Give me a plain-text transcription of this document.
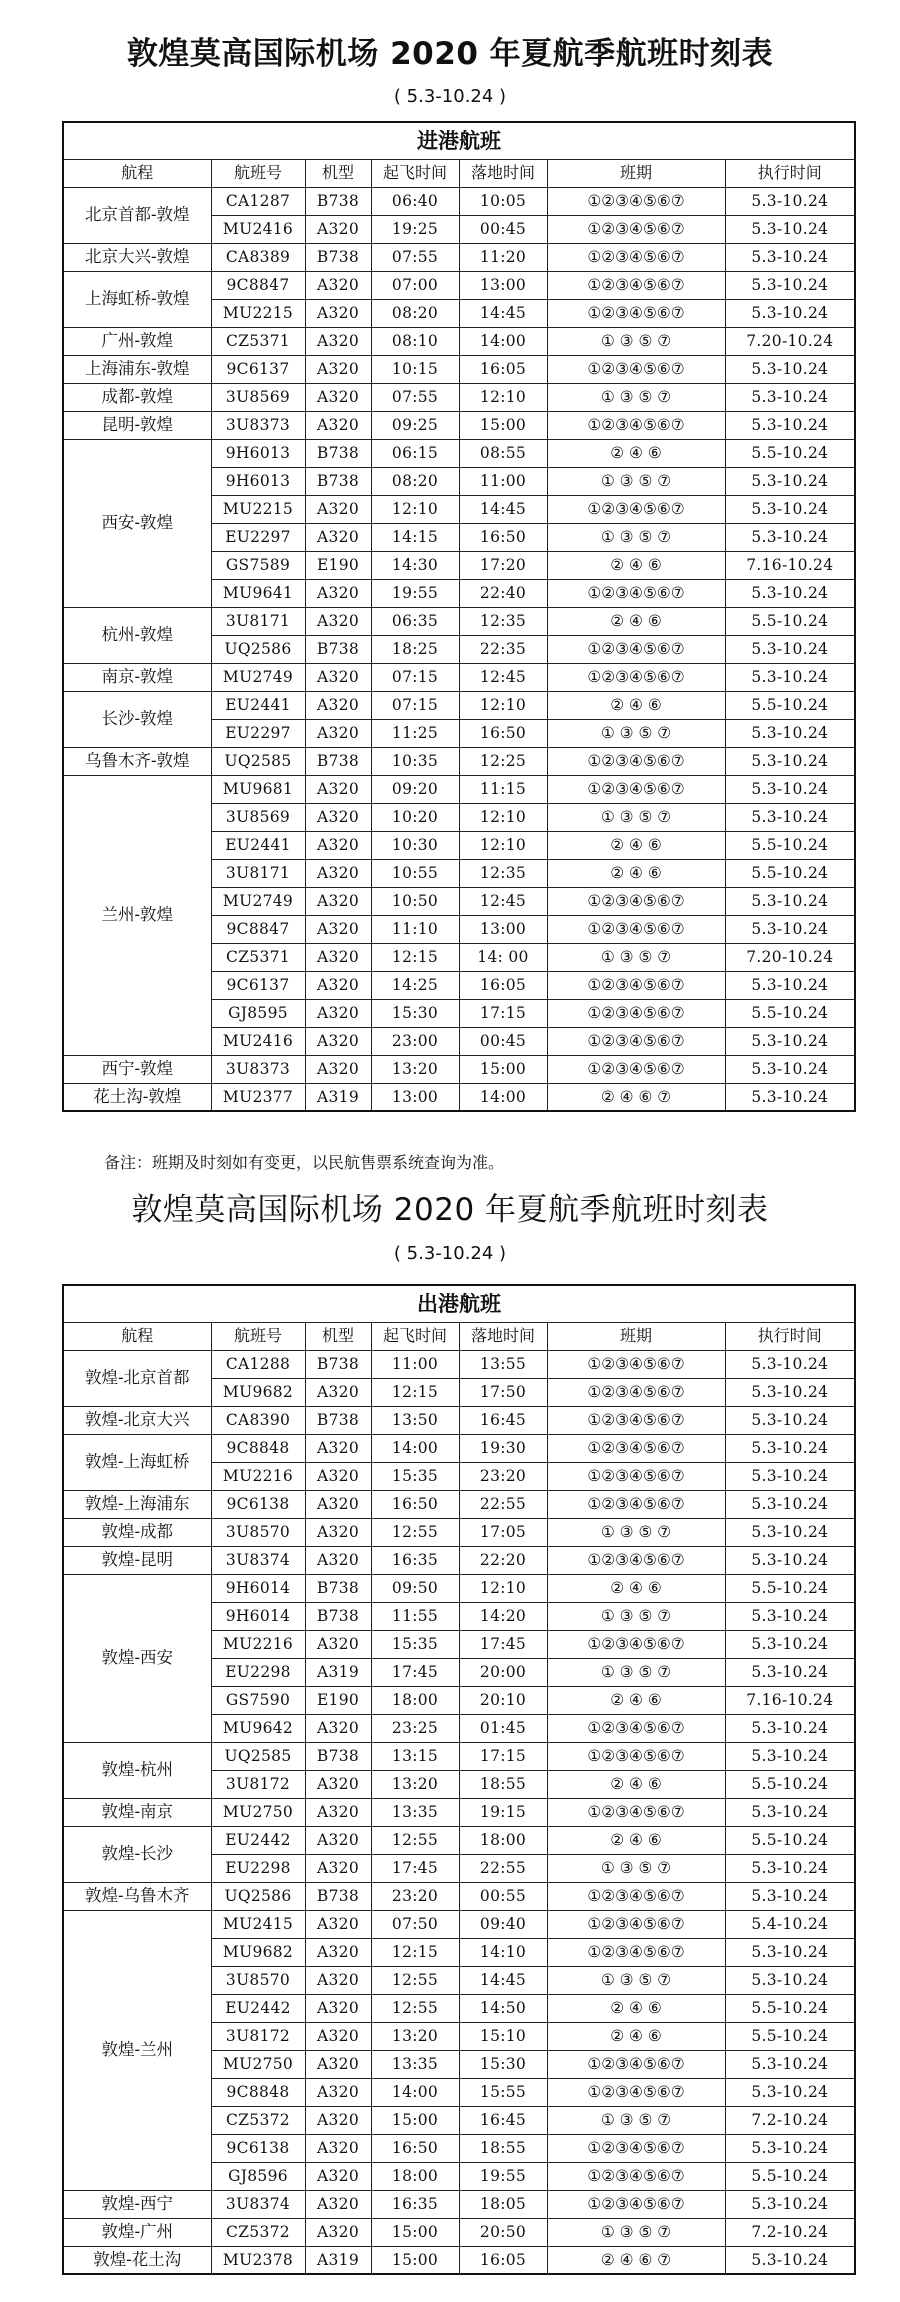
敦煌莫高国际机场 2020 年夏航季航班时刻表
( 5.3-10.24 )
进港航班						
航程	航班号	机型	起飞时间	落地时间	班期	执行时间
北京首都-敦煌	CA1287	B738	06:40	10:05	①②③④⑤⑥⑦	5.3-10.24
	MU2416	A320	19:25	00:45	①②③④⑤⑥⑦	5.3-10.24
北京大兴-敦煌	CA8389	B738	07:55	11:20	①②③④⑤⑥⑦	5.3-10.24
上海虹桥-敦煌	9C8847	A320	07:00	13:00	①②③④⑤⑥⑦	5.3-10.24
	MU2215	A320	08:20	14:45	①②③④⑤⑥⑦	5.3-10.24
广州-敦煌	CZ5371	A320	08:10	14:00	① ③ ⑤ ⑦	7.20-10.24
上海浦东-敦煌	9C6137	A320	10:15	16:05	①②③④⑤⑥⑦	5.3-10.24
成都-敦煌	3U8569	A320	07:55	12:10	① ③ ⑤ ⑦	5.3-10.24
昆明-敦煌	3U8373	A320	09:25	15:00	①②③④⑤⑥⑦	5.3-10.24
西安-敦煌	9H6013	B738	06:15	08:55	② ④ ⑥	5.5-10.24
	9H6013	B738	08:20	11:00	① ③ ⑤ ⑦	5.3-10.24
	MU2215	A320	12:10	14:45	①②③④⑤⑥⑦	5.3-10.24
	EU2297	A320	14:15	16:50	① ③ ⑤ ⑦	5.3-10.24
	GS7589	E190	14:30	17:20	② ④ ⑥	7.16-10.24
	MU9641	A320	19:55	22:40	①②③④⑤⑥⑦	5.3-10.24
杭州-敦煌	3U8171	A320	06:35	12:35	② ④ ⑥	5.5-10.24
	UQ2586	B738	18:25	22:35	①②③④⑤⑥⑦	5.3-10.24
南京-敦煌	MU2749	A320	07:15	12:45	①②③④⑤⑥⑦	5.3-10.24
长沙-敦煌	EU2441	A320	07:15	12:10	② ④ ⑥	5.5-10.24
	EU2297	A320	11:25	16:50	① ③ ⑤ ⑦	5.3-10.24
乌鲁木齐-敦煌	UQ2585	B738	10:35	12:25	①②③④⑤⑥⑦	5.3-10.24
兰州-敦煌	MU9681	A320	09:20	11:15	①②③④⑤⑥⑦	5.3-10.24
	3U8569	A320	10:20	12:10	① ③ ⑤ ⑦	5.3-10.24
	EU2441	A320	10:30	12:10	② ④ ⑥	5.5-10.24
	3U8171	A320	10:55	12:35	② ④ ⑥	5.5-10.24
	MU2749	A320	10:50	12:45	①②③④⑤⑥⑦	5.3-10.24
	9C8847	A320	11:10	13:00	①②③④⑤⑥⑦	5.3-10.24
	CZ5371	A320	12:15	14: 00	① ③ ⑤ ⑦	7.20-10.24
	9C6137	A320	14:25	16:05	①②③④⑤⑥⑦	5.3-10.24
	GJ8595	A320	15:30	17:15	①②③④⑤⑥⑦	5.5-10.24
	MU2416	A320	23:00	00:45	①②③④⑤⑥⑦	5.3-10.24
西宁-敦煌	3U8373	A320	13:20	15:00	①②③④⑤⑥⑦	5.3-10.24
花土沟-敦煌	MU2377	A319	13:00	14:00	② ④ ⑥ ⑦	5.3-10.24
备注：班期及时刻如有变更，以民航售票系统查询为准。
敦煌莫高国际机场 2020 年夏航季航班时刻表
( 5.3-10.24 )
出港航班						
航程	航班号	机型	起飞时间	落地时间	班期	执行时间
敦煌-北京首都	CA1288	B738	11:00	13:55	①②③④⑤⑥⑦	5.3-10.24
	MU9682	A320	12:15	17:50	①②③④⑤⑥⑦	5.3-10.24
敦煌-北京大兴	CA8390	B738	13:50	16:45	①②③④⑤⑥⑦	5.3-10.24
敦煌-上海虹桥	9C8848	A320	14:00	19:30	①②③④⑤⑥⑦	5.3-10.24
	MU2216	A320	15:35	23:20	①②③④⑤⑥⑦	5.3-10.24
敦煌-上海浦东	9C6138	A320	16:50	22:55	①②③④⑤⑥⑦	5.3-10.24
敦煌-成都	3U8570	A320	12:55	17:05	① ③ ⑤ ⑦	5.3-10.24
敦煌-昆明	3U8374	A320	16:35	22:20	①②③④⑤⑥⑦	5.3-10.24
敦煌-西安	9H6014	B738	09:50	12:10	② ④ ⑥	5.5-10.24
	9H6014	B738	11:55	14:20	① ③ ⑤ ⑦	5.3-10.24
	MU2216	A320	15:35	17:45	①②③④⑤⑥⑦	5.3-10.24
	EU2298	A319	17:45	20:00	① ③ ⑤ ⑦	5.3-10.24
	GS7590	E190	18:00	20:10	② ④ ⑥	7.16-10.24
	MU9642	A320	23:25	01:45	①②③④⑤⑥⑦	5.3-10.24
敦煌-杭州	UQ2585	B738	13:15	17:15	①②③④⑤⑥⑦	5.3-10.24
	3U8172	A320	13:20	18:55	② ④ ⑥	5.5-10.24
敦煌-南京	MU2750	A320	13:35	19:15	①②③④⑤⑥⑦	5.3-10.24
敦煌-长沙	EU2442	A320	12:55	18:00	② ④ ⑥	5.5-10.24
	EU2298	A320	17:45	22:55	① ③ ⑤ ⑦	5.3-10.24
敦煌-乌鲁木齐	UQ2586	B738	23:20	00:55	①②③④⑤⑥⑦	5.3-10.24
敦煌-兰州	MU2415	A320	07:50	09:40	①②③④⑤⑥⑦	5.4-10.24
	MU9682	A320	12:15	14:10	①②③④⑤⑥⑦	5.3-10.24
	3U8570	A320	12:55	14:45	① ③ ⑤ ⑦	5.3-10.24
	EU2442	A320	12:55	14:50	② ④ ⑥	5.5-10.24
	3U8172	A320	13:20	15:10	② ④ ⑥	5.5-10.24
	MU2750	A320	13:35	15:30	①②③④⑤⑥⑦	5.3-10.24
	9C8848	A320	14:00	15:55	①②③④⑤⑥⑦	5.3-10.24
	CZ5372	A320	15:00	16:45	① ③ ⑤ ⑦	7.2-10.24
	9C6138	A320	16:50	18:55	①②③④⑤⑥⑦	5.3-10.24
	GJ8596	A320	18:00	19:55	①②③④⑤⑥⑦	5.5-10.24
敦煌-西宁	3U8374	A320	16:35	18:05	①②③④⑤⑥⑦	5.3-10.24
敦煌-广州	CZ5372	A320	15:00	20:50	① ③ ⑤ ⑦	7.2-10.24
敦煌-花土沟	MU2378	A319	15:00	16:05	② ④ ⑥ ⑦	5.3-10.24
